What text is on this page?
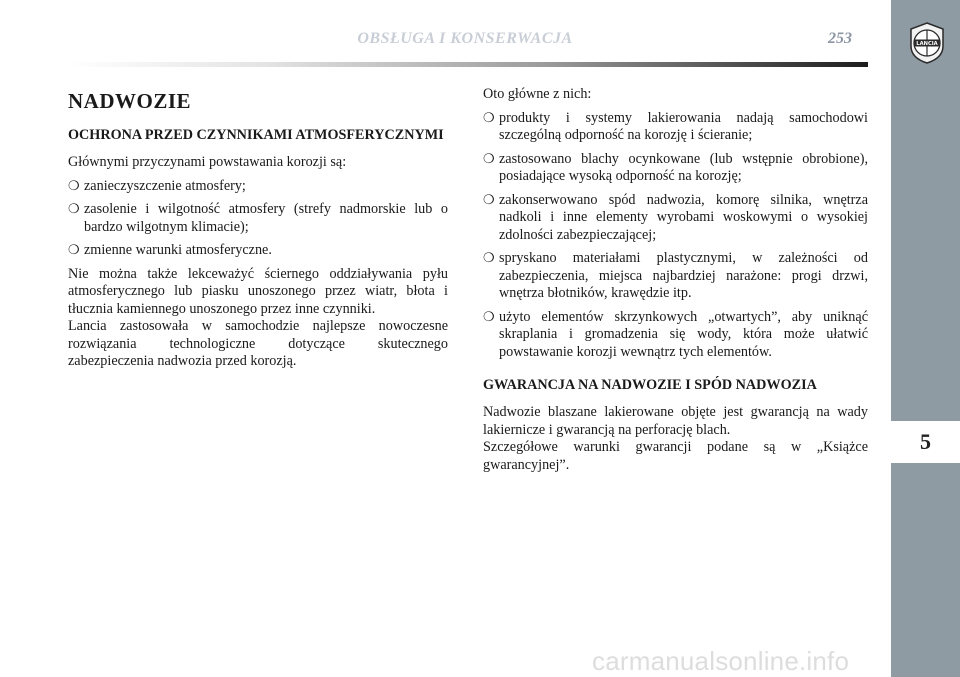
OBSŁUGA I KONSERWACJA	253	LANCIA
5
NADWOZIE
OCHRONA PRZED CZYNNIKAMI ATMOSFERYCZNYMI

Głównymi przyczynami powstawania korozji są:

❍ zanieczyszczenie atmosfery;
❍ zasolenie i wilgotność atmosfery (strefy nadmorskie lub o bardzo wilgotnym klimacie);
❍ zmienne warunki atmosferyczne.

Nie można także lekceważyć ściernego oddziaływania pyłu atmosferycznego lub piasku unoszonego przez wiatr, błota i tłucznia kamiennego unoszonego przez inne czynniki.

Lancia zastosowała w samochodzie najlepsze nowoczesne rozwiązania technologiczne dotyczące skutecznego zabezpieczenia nadwozia przed korozją.

Oto główne z nich:

❍ produkty i systemy lakierowania nadają samochodowi szczególną odporność na korozję i ścieranie;
❍ zastosowano blachy ocynkowane (lub wstępnie obrobione), posiadające wysoką odporność na korozję;
❍ zakonserwowano spód nadwozia, komorę silnika, wnętrza nadkoli i inne elementy wyrobami woskowymi o wysokiej zdolności zabezpieczającej;
❍ spryskano materiałami plastycznymi, w zależności od zabezpieczenia, miejsca najbardziej narażone: progi drzwi, wnętrza błotników, krawędzie itp.
❍ użyto elementów skrzynkowych „otwartych”, aby uniknąć skraplania i gromadzenia się wody, która może ułatwić powstawanie korozji wewnątrz tych elementów.
GWARANCJA NA NADWOZIE I SPÓD NADWOZIA

Nadwozie blaszane lakierowane objęte jest gwarancją na wady lakiernicze i gwarancją na perforację blach.

Szczegółowe warunki gwarancji podane są w „Książce gwarancyjnej”.

carmanualsonline.info
